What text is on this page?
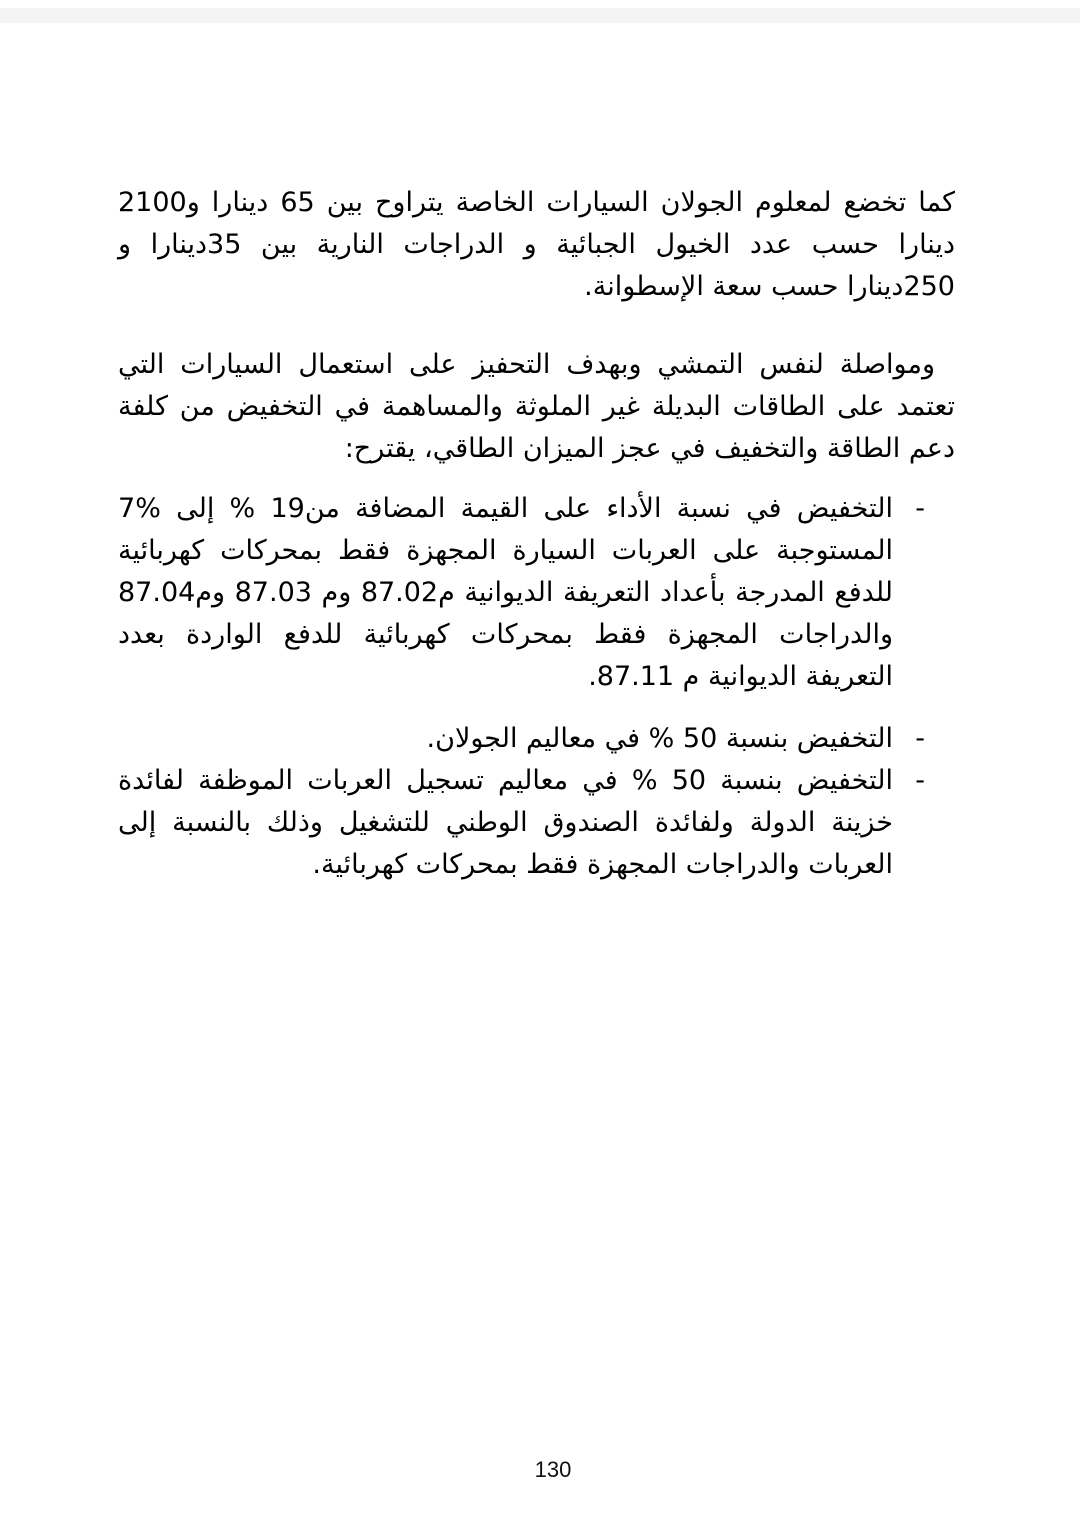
كما تخضع لمعلوم الجولان السيارات الخاصة يتراوح بين 65 دينارا و2100 دينارا حسب عدد الخيول الجبائية و الدراجات النارية بين 35دينارا و 250دينارا حسب سعة الإسطوانة.

ومواصلة لنفس التمشي وبهدف التحفيز على استعمال السيارات التي تعتمد على الطاقات البديلة غير الملوثة والمساهمة في التخفيض من كلفة دعم الطاقة والتخفيف في عجز الميزان الطاقي، يقترح:

-
التخفيض في نسبة الأداء على القيمة المضافة من19 % إلى %7 المستوجبة على العربات السيارة المجهزة فقط بمحركات كهربائية للدفع المدرجة بأعداد التعريفة الديوانية م87.02 وم 87.03 وم87.04 والدراجات المجهزة فقط بمحركات كهربائية للدفع الواردة بعدد التعريفة الديوانية م 87.11.
-
التخفيض بنسبة 50 % في معاليم الجولان.
-
التخفيض بنسبة 50 % في معاليم تسجيل العربات الموظفة لفائدة خزينة الدولة ولفائدة الصندوق الوطني للتشغيل وذلك بالنسبة إلى العربات والدراجات المجهزة فقط بمحركات كهربائية.
130
